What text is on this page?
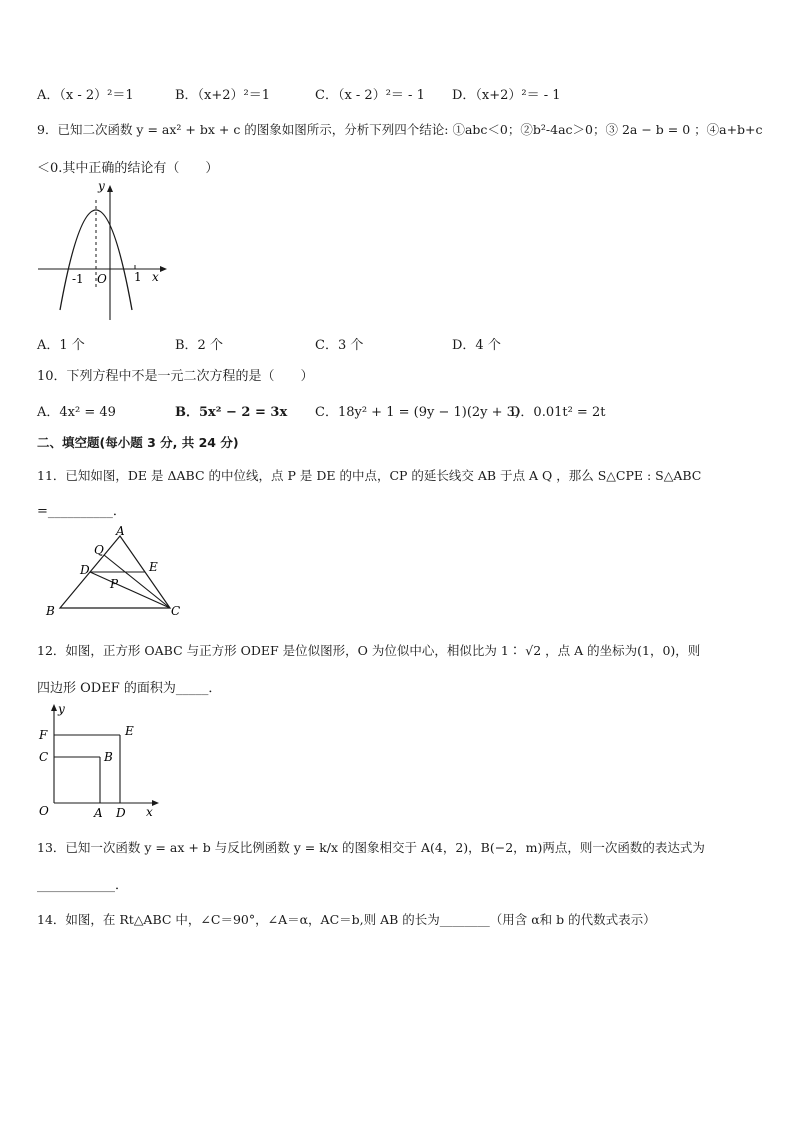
A．（x - 2）²＝1	B．（x+2）²＝1	C．（x - 2）²＝ - 1 D．（x+2）²＝ - 1
9．已知二次函数 y = ax² + bx + c 的图象如图所示，分析下列四个结论: ①abc＜0；②b²-4ac＞0；③ 2a − b = 0 ；④a+b+c
＜0.其中正确的结论有（　　）
y
x
O
-1	1
A．1 个	B．2 个	C．3 个	D．4 个
10．下列方程中不是一元二次方程的是（　　）
A．4x² = 49	B．5x² − 2 = 3x C．18y² + 1 = (9y − 1)(2y + 3)
D．0.01t² = 2t
二、填空题(每小题 3 分, 共 24 分)
11．已知如图，DE 是 ΔABC 的中位线，点 P 是 DE 的中点，CP 的延长线交 AB 于点 A Q ，那么 S△CPE : S△ABC
=__________．
A
Q
D	E
P
B	C
12．如图，正方形 OABC 与正方形 ODEF 是位似图形，O 为位似中心，相似比为 1∶ √2 ，点 A 的坐标为(1，0)，则
四边形 ODEF 的面积为_____．
y
x
O	A D
F	E
C	B
13．已知一次函数 y = ax + b 与反比例函数 y = k/x 的图象相交于 A(4，2)，B(−2，m)两点，则一次函数的表达式为
____________．
14．如图，在 Rt△ABC 中，∠C＝90°，∠A＝α，AC＝b,则 AB 的长为________（用含 α和 b 的代数式表示）
